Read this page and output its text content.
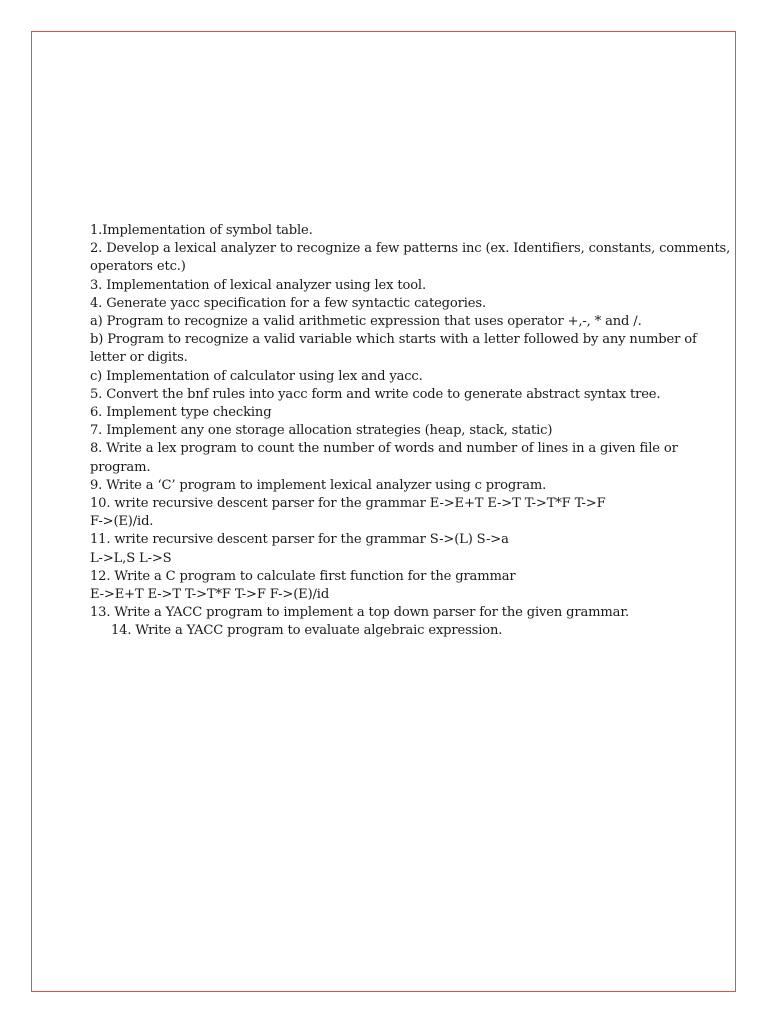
1.Implementation of symbol table.
2. Develop a lexical analyzer to recognize a few patterns inc (ex. Identifiers, constants, comments,
operators etc.)
3. Implementation of lexical analyzer using lex tool.
4. Generate yacc specification for a few syntactic categories.
a) Program to recognize a valid arithmetic expression that uses operator +,-, * and /.
b) Program to recognize a valid variable which starts with a letter followed by any number of
letter or digits.
c) Implementation of calculator using lex and yacc.
5. Convert the bnf rules into yacc form and write code to generate abstract syntax tree.
6. Implement type checking
7. Implement any one storage allocation strategies (heap, stack, static)
8. Write a lex program to count the number of words and number of lines in a given file or
program.
9. Write a ‘C’ program to implement lexical analyzer using c program.
10. write recursive descent parser for the grammar E->E+T E->T T->T*F T->F
F->(E)/id.
11. write recursive descent parser for the grammar S->(L) S->a
L->L,S L->S
12. Write a C program to calculate first function for the grammar
E->E+T E->T T->T*F T->F F->(E)/id
13. Write a YACC program to implement a top down parser for the given grammar.
14. Write a YACC program to evaluate algebraic expression.
